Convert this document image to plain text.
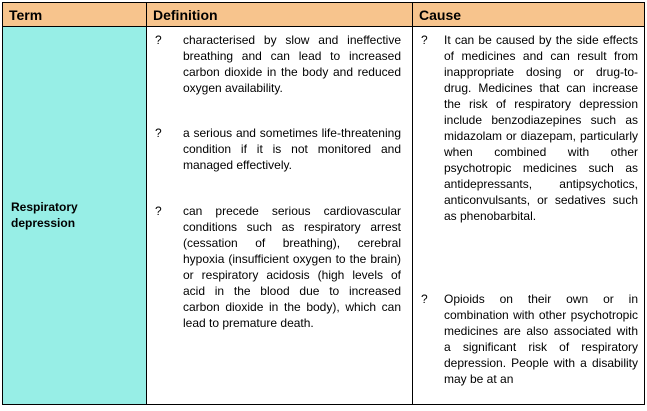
Term	Definition	Cause
Respiratory depression
? characterised by slow and ineffective breathing and can lead to increased carbon dioxide in the body and reduced oxygen availability.
? a serious and sometimes life-threatening condition if it is not monitored and managed effectively.
? can precede serious cardiovascular conditions such as respiratory arrest (cessation of breathing), cerebral hypoxia (insufficient oxygen to the brain) or respiratory acidosis (high levels of acid in the blood due to increased carbon dioxide in the body), which can lead to premature death.
? It can be caused by the side effects of medicines and can result from inappropriate dosing or drug-to-drug. Medicines that can increase the risk of respiratory depression include benzodiazepines such as midazolam or diazepam, particularly when combined with other psychotropic medicines such as antidepressants, antipsychotics, anticonvulsants, or sedatives such as phenobarbital.
? Opioids on their own or in combination with other psychotropic medicines are also associated with a significant risk of respiratory depression. People with a disability may be at an
